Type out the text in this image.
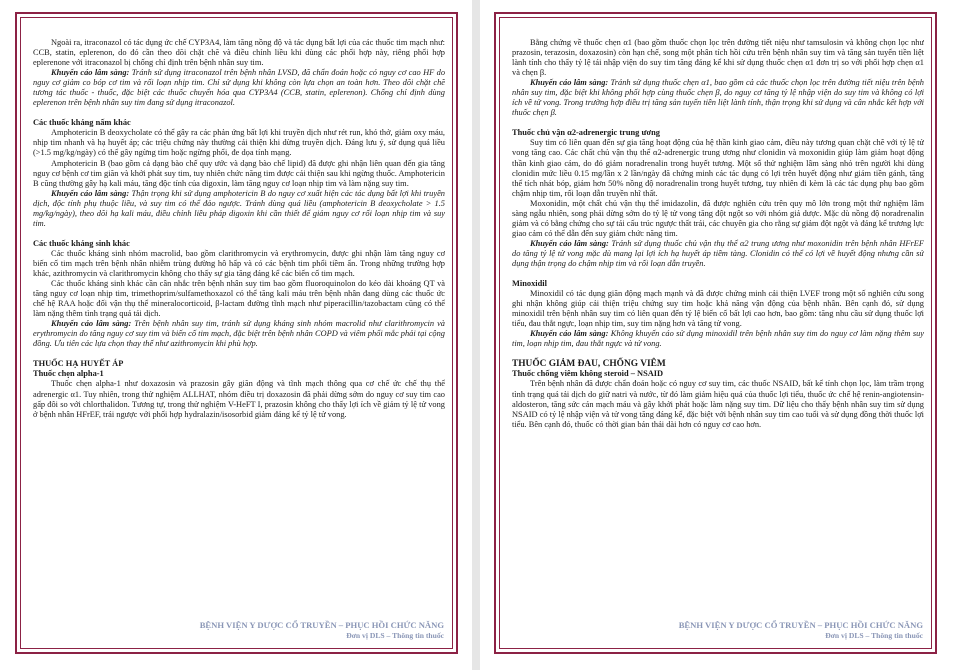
Ngoài ra, itraconazol có tác dụng ức chế CYP3A4, làm tăng nồng độ và tác dụng bất lợi của các thuốc tim mạch như: CCB, statin, eplerenon, do đó cần theo dõi chặt chẽ và điều chỉnh liều khi dùng các phối hợp này, riêng phối hợp eplerenone với itraconazol bị chống chỉ định trên bệnh nhân suy tim.

Khuyến cáo lâm sàng: Tránh sử dụng itraconazol trên bệnh nhân LVSD, đã chẩn đoán hoặc có nguy cơ cao HF do nguy cơ giảm co bóp cơ tim và rối loạn nhịp tim. Chỉ sử dụng khi không còn lựa chọn an toàn hơn. Theo dõi chặt chẽ tương tác thuốc - thuốc, đặc biệt các thuốc chuyển hóa qua CYP3A4 (CCB, statin, eplerenon). Chống chỉ định dùng eplerenon trên bệnh nhân suy tim đang sử dụng itraconazol.

Các thuốc kháng nấm khác

Amphotericin B deoxycholate có thể gây ra các phản ứng bất lợi khi truyền dịch như rét run, khó thở, giảm oxy máu, nhịp tim nhanh và hạ huyết áp; các triệu chứng này thường cải thiện khi dừng truyền dịch. Đáng lưu ý, sử dụng quá liều (>1.5 mg/kg/ngày) có thể gây ngừng tim hoặc ngừng phổi, đe dọa tính mạng.

Amphotericin B (bao gồm cả dạng bào chế quy ước và dạng bào chế lipid) đã được ghi nhận liên quan đến gia tăng nguy cơ bệnh cơ tim giãn và khởi phát suy tim, tuy nhiên chức năng tim được cải thiện sau khi ngừng thuốc. Amphotericin B cũng thường gây hạ kali máu, tăng độc tính của digoxin, làm tăng nguy cơ loạn nhịp tim và làm nặng suy tim.

Khuyến cáo lâm sàng: Thận trọng khi sử dụng amphotericin B do nguy cơ xuất hiện các tác dụng bất lợi khi truyền dịch, độc tính phụ thuộc liều, và suy tim có thể đảo ngược. Tránh dùng quá liều (amphotericin B deoxycholate > 1.5 mg/kg/ngày), theo dõi hạ kali máu, điều chỉnh liều pháp digoxin khi cần thiết để giảm nguy cơ rối loạn nhịp tim và suy tim.

Các thuốc kháng sinh khác

Các thuốc kháng sinh nhóm macrolid, bao gồm clarithromycin và erythromycin, được ghi nhận làm tăng nguy cơ biến cố tim mạch trên bệnh nhân nhiễm trùng đường hô hấp và có các bệnh tim phổi tiềm ẩn. Trong những trường hợp khác, azithromycin và clarithromycin không cho thấy sự gia tăng đáng kể các biến cố tim mạch.

Các thuốc kháng sinh khác cần cân nhắc trên bệnh nhân suy tim bao gồm fluoroquinolon do kéo dài khoảng QT và tăng nguy cơ loạn nhịp tim, trimethoprim/sulfamethoxazol có thể tăng kali máu trên bệnh nhân đang dùng các thuốc ức chế hệ RAA hoặc đối vận thụ thể mineralocorticoid, β-lactam đường tĩnh mạch như piperacillin/tazobactam cũng có thể làm nặng thêm tình trạng quá tải dịch.

Khuyến cáo lâm sàng: Trên bệnh nhân suy tim, tránh sử dụng kháng sinh nhóm macrolid như clarithromycin và erythromycin do tăng nguy cơ suy tim và biến cố tim mạch, đặc biệt trên bệnh nhân COPD và viêm phổi mắc phải tại cộng đồng. Ưu tiên các lựa chọn thay thế như azithromycin khi phù hợp.

THUỐC HẠ HUYẾT ÁP

Thuốc chẹn alpha-1

Thuốc chẹn alpha-1 như doxazosin và prazosin gây giãn động và tĩnh mạch thông qua cơ chế ức chế thụ thể adrenergic α1. Tuy nhiên, trong thử nghiệm ALLHAT, nhóm điều trị doxazosin đã phải dừng sớm do nguy cơ suy tim cao gấp đôi so với chlorthalidon. Tương tự, trong thử nghiệm V-HeFT I, prazosin không cho thấy lợi ích về giảm tỷ lệ tử vong ở bệnh nhân HFrEF, trái ngược với phối hợp hydralazin/isosorbid giảm đáng kể tỷ lệ tử vong.

BỆNH VIỆN Y DƯỢC CỔ TRUYỀN – PHỤC HỒI CHỨC NĂNG
Đơn vị DLS – Thông tin thuốc

Bằng chứng về thuốc chẹn α1 (bao gồm thuốc chọn lọc trên đường tiết niệu như tamsulosin và không chọn lọc như prazosin, terazosin, doxazosin) còn hạn chế, song một phân tích hồi cứu trên bệnh nhân suy tim và tăng sản tuyến tiền liệt lành tính cho thấy tỷ lệ tái nhập viện do suy tim tăng đáng kể khi sử dụng thuốc chẹn α1 đơn trị so với phối hợp chẹn α1 và chẹn β.

Khuyến cáo lâm sàng: Tránh sử dụng thuốc chẹn α1, bao gồm cả các thuốc chọn lọc trên đường tiết niệu trên bệnh nhân suy tim, đặc biệt khi không phối hợp cùng thuốc chẹn β, do nguy cơ tăng tỷ lệ nhập viện do suy tim và không có lợi ích về tử vong. Trong trường hợp điều trị tăng sản tuyến tiền liệt lành tính, thận trọng khi sử dụng và cân nhắc kết hợp với thuốc chẹn β.

Thuốc chủ vận α2-adrenergic trung ương

Suy tim có liên quan đến sự gia tăng hoạt động của hệ thần kinh giao cảm, điều này tương quan chặt chẽ với tỷ lệ tử vong tăng cao. Các chất chủ vận thụ thể α2-adrenergic trung ương như clonidin và moxonidin giúp làm giảm hoạt động thần kinh giao cảm, do đó giảm noradrenalin trong huyết tương. Một số thử nghiệm lâm sàng nhỏ trên người khi dùng clonidin mức liều 0.15 mg/lần x 2 lần/ngày đã chứng minh các tác dụng có lợi trên huyết động như giảm tiền gánh, tăng thể tích nhát bóp, giảm hơn 50% nồng độ noradrenalin trong huyết tương, tuy nhiên đi kèm là các tác dụng phụ bao gồm chậm nhịp tim, rối loạn dẫn truyền nhĩ thất.

Moxonidin, một chất chủ vận thụ thể imidazolin, đã được nghiên cứu trên quy mô lớn trong một thử nghiệm lâm sàng ngẫu nhiên, song phải dừng sớm do tỷ lệ tử vong tăng đột ngột so với nhóm giả dược. Mặc dù nồng độ noradrenalin giảm và có bằng chứng cho sự tái cấu trúc ngược thất trái, các chuyên gia cho rằng sự giảm đột ngột và đáng kể trương lực giao cảm có thể dẫn đến suy giảm chức năng tim.

Khuyến cáo lâm sàng: Tránh sử dụng thuốc chủ vận thụ thể α2 trung ương như moxonidin trên bệnh nhân HFrEF do tăng tỷ lệ tử vong mặc dù mang lại lợi ích hạ huyết áp tiềm tàng. Clonidin có thể có lợi về huyết động nhưng cần sử dụng thận trọng do chậm nhịp tim và rối loạn dẫn truyền.

Minoxidil

Minoxidil có tác dụng giãn động mạch mạnh và đã được chứng minh cải thiện LVEF trong một số nghiên cứu song ghi nhận không giúp cải thiện triệu chứng suy tim hoặc khả năng vận động của bệnh nhân. Bên cạnh đó, sử dụng minoxidil trên bệnh nhân suy tim có liên quan đến tỷ lệ biến cố bất lợi cao hơn, bao gồm: tăng nhu cầu sử dụng thuốc lợi tiểu, đau thắt ngực, loạn nhịp tim, suy tim nặng hơn và tăng tử vong.

Khuyến cáo lâm sàng: Không khuyến cáo sử dụng minoxidil trên bệnh nhân suy tim do nguy cơ làm nặng thêm suy tim, loạn nhịp tim, đau thắt ngực và tử vong.

THUỐC GIẢM ĐAU, CHỐNG VIÊM

Thuốc chống viêm không steroid – NSAID

Trên bệnh nhân đã được chẩn đoán hoặc có nguy cơ suy tim, các thuốc NSAID, bất kể tính chọn lọc, làm trầm trọng tình trạng quá tải dịch do giữ natri và nước, từ đó làm giảm hiệu quả của thuốc lợi tiểu, thuốc ức chế hệ renin-angiotensin-aldosteron, tăng sức cản mạch máu và gây khởi phát hoặc làm nặng suy tim. Dữ liệu cho thấy bệnh nhân suy tim sử dụng NSAID có tỷ lệ nhập viện và tử vong tăng đáng kể, đặc biệt với bệnh nhân suy tim cao tuổi và sử dụng đồng thời thuốc lợi tiểu. Bên cạnh đó, thuốc có thời gian bán thải dài hơn có nguy cơ cao hơn.

BỆNH VIỆN Y DƯỢC CỔ TRUYỀN – PHỤC HỒI CHỨC NĂNG
Đơn vị DLS – Thông tin thuốc
